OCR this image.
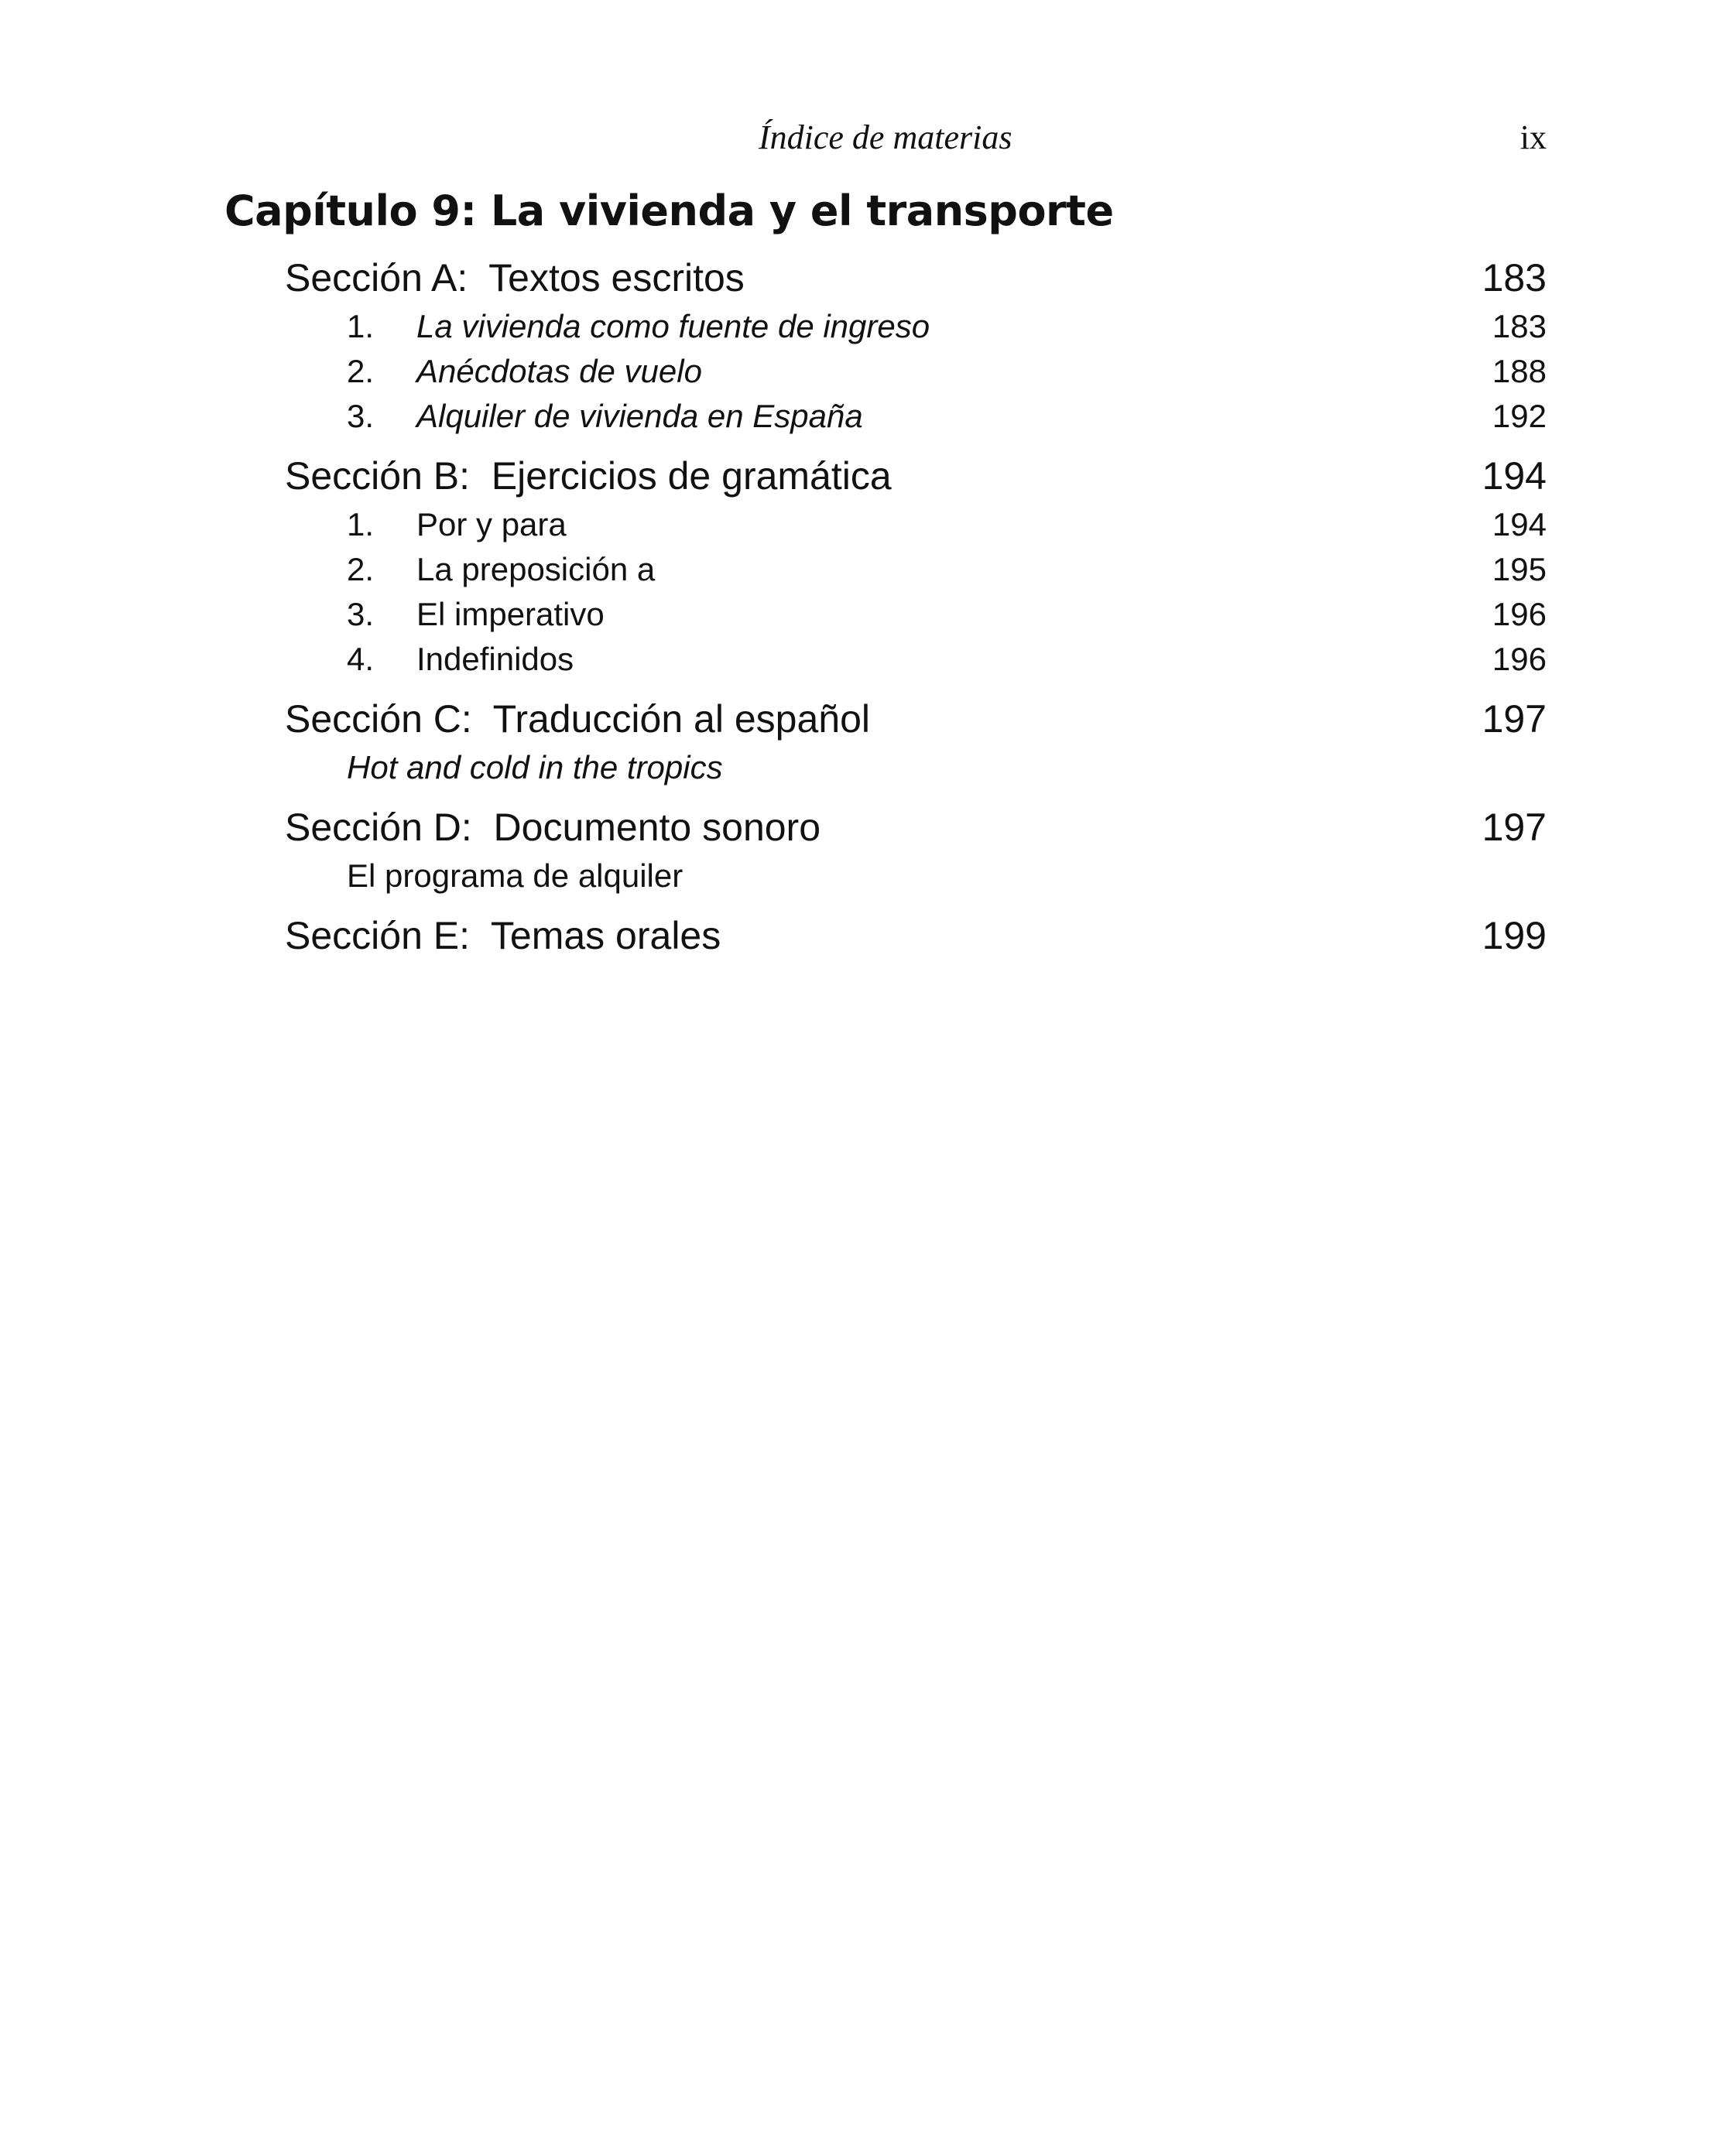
Índice de materias	ix
Capítulo 9: La vivienda y el transporte
Sección A:  Textos escritos	183
1. La vivienda como fuente de ingreso	183
2. Anécdotas de vuelo	188
3. Alquiler de vivienda en España	192
Sección B:  Ejercicios de gramática	194
1. Por y para	194
2. La preposición a	195
3. El imperativo	196
4. Indefinidos	196
Sección C:  Traducción al español	197
Hot and cold in the tropics
Sección D:  Documento sonoro	197
El programa de alquiler
Sección E:  Temas orales	199
